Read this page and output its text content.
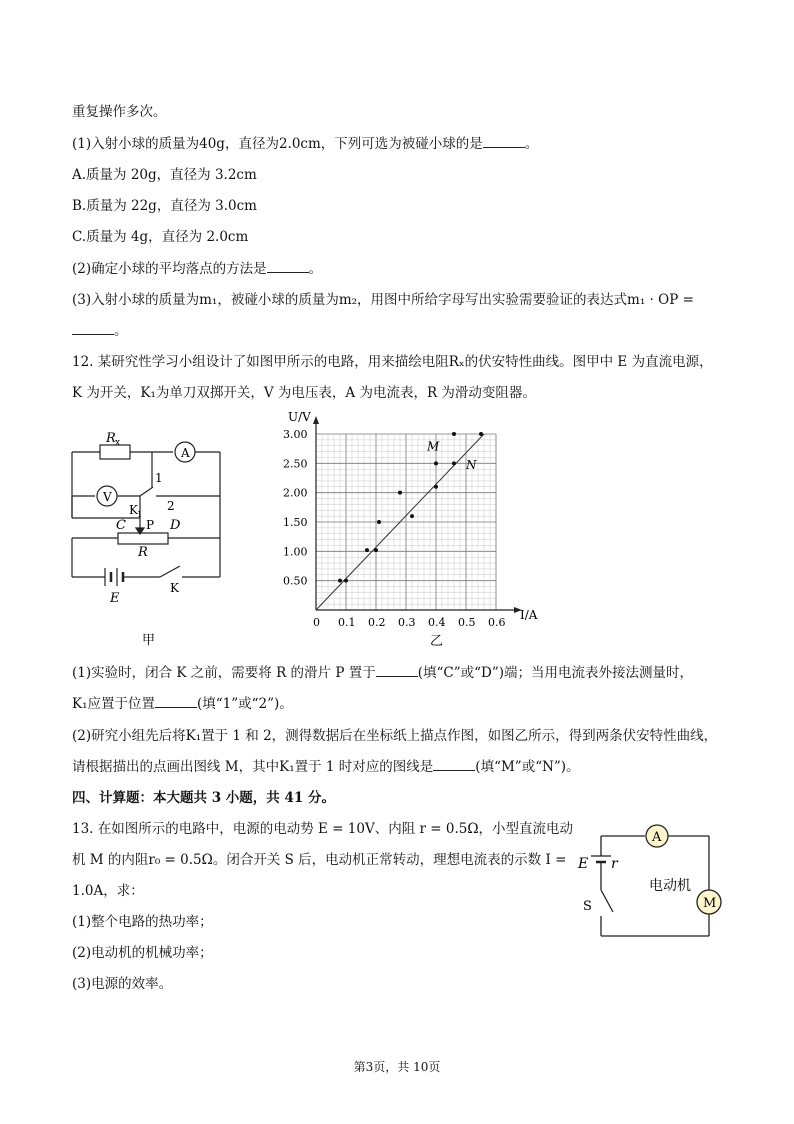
重复操作多次。
(1)入射小球的质量为40g，直径为2.0cm，下列可选为被碰小球的是	。
A.质量为 20g，直径为 3.2cm
B.质量为 22g，直径为 3.0cm
C.质量为 4g，直径为 2.0cm
(2)确定小球的平均落点的方法是	。
(3)入射小球的质量为m₁，被碰小球的质量为m₂，用图中所给字母写出实验需要验证的表达式m₁ · OP =
。
12. 某研究性学习小组设计了如图甲所示的电路，用来描绘电阻Rₓ的伏安特性曲线。图甲中 E 为直流电源，
K 为开关，K₁为单刀双掷开关，V 为电压表，A 为电流表，R 为滑动变阻器。
R x
A
V
1
2
K 1
P
C	D
R
E
K
甲
0 0.1 0.2 0.3 0.4 0.5 0.6
0.50
1.00
1.50
2.00
2.50
3.00
M
N
U/V
I/A
乙
(1)实验时，闭合 K 之前，需要将 R 的滑片 P 置于	(填“C”或“D”)端；当用电流表外接法测量时，
K₁应置于位置	(填“1”或“2”)。
(2)研究小组先后将K₁置于 1 和 2，测得数据后在坐标纸上描点作图，如图乙所示，得到两条伏安特性曲线，
请根据描出的点画出图线 M，其中K₁置于 1 时对应的图线是	(填“M”或“N”)。
四、计算题：本大题共 3 小题，共 41 分。
13. 在如图所示的电路中，电源的电动势 E = 10V、内阻 r = 0.5Ω，小型直流电动
机 M 的内阻r₀ = 0.5Ω。闭合开关 S 后，电动机正常转动，理想电流表的示数 I =
1.0A，求：
(1)整个电路的热功率；
(2)电动机的机械功率；
(3)电源的效率。
A
E r
S
电动机
M
第3页，共 10页
